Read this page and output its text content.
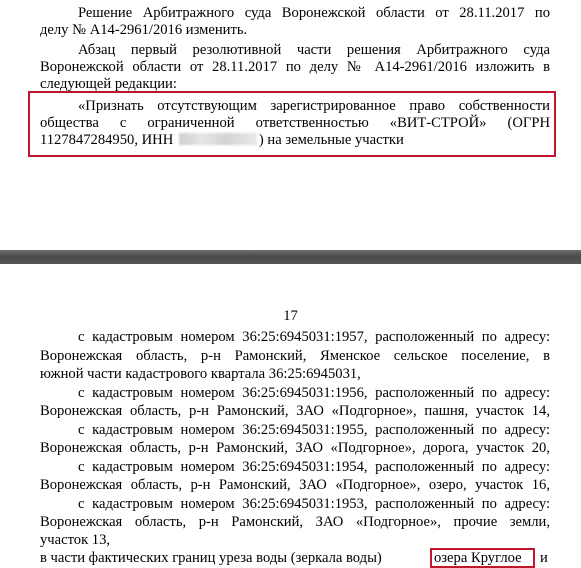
Решение Арбитражного суда Воронежской области от 28.11.2017 по
делу № А14-2961/2016 изменить.
Абзац первый резолютивной части решения Арбитражного суда
Воронежской области от 28.11.2017 по делу № А14-2961/2016 изложить в
следующей редакции:
«Признать отсутствующим зарегистрированное право собственности
общества с ограниченной ответственностью «ВИТ-СТРОЙ» (ОГРН
1127847284950, ИНН	) на земельные участки
17
с кадастровым номером 36:25:6945031:1957, расположенный по адресу:
Воронежская область, р-н Рамонский, Яменское сельское поселение, в
южной части кадастрового квартала 36:25:6945031,
с кадастровым номером 36:25:6945031:1956, расположенный по адресу:
Воронежская область, р-н Рамонский, ЗАО «Подгорное», пашня, участок 14,
с кадастровым номером 36:25:6945031:1955, расположенный по адресу:
Воронежская область, р-н Рамонский, ЗАО «Подгорное», дорога, участок 20,
с кадастровым номером 36:25:6945031:1954, расположенный по адресу:
Воронежская область, р-н Рамонский, ЗАО «Подгорное», озеро, участок 16,
с кадастровым номером 36:25:6945031:1953, расположенный по адресу:
Воронежская область, р-н Рамонский, ЗАО «Подгорное», прочие земли,
участок 13,
в части фактических границ уреза воды (зеркала воды)	озера Круглое и
